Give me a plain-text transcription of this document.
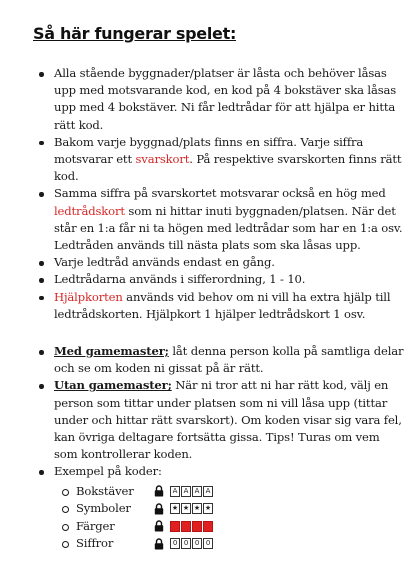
Så här fungerar spelet:
Alla stående byggnader/platser är låsta och behöver låsas upp med motsvarande kod, en kod på 4 bokstäver ska låsas upp med 4 bokstäver. Ni får ledtrådar för att hjälpa er hitta rätt kod.
Bakom varje byggnad/plats finns en siffra. Varje siffra motsvarar ett svarskort. På respektive svarskorten finns rätt kod.
Samma siffra på svarskortet motsvarar också en hög med ledtrådskort som ni hittar inuti byggnaden/platsen. När det står en 1:a får ni ta högen med ledtrådar som har en 1:a osv. Ledtråden används till nästa plats som ska låsas upp.
Varje ledtråd används endast en gång.
Ledtrådarna används i sifferordning, 1 - 10.
Hjälpkorten används vid behov om ni vill ha extra hjälp till ledtrådskorten. Hjälpkort 1 hjälper ledtrådskort 1 osv.
Med gamemaster; låt denna person kolla på samtliga delar och se om koden ni gissat på är rätt.
Utan gamemaster; När ni tror att ni har rätt kod, välj en person som tittar under platsen som ni vill låsa upp (tittar under och hittar rätt svarskort). Om koden visar sig vara fel, kan övriga deltagare fortsätta gissa. Tips! Turas om vem som kontrollerar koden.
Exempel på koder:
Bokstäver	A A A A
Symboler	★ ★ ★ ★
Färger
Siffror	0 0 0 0
